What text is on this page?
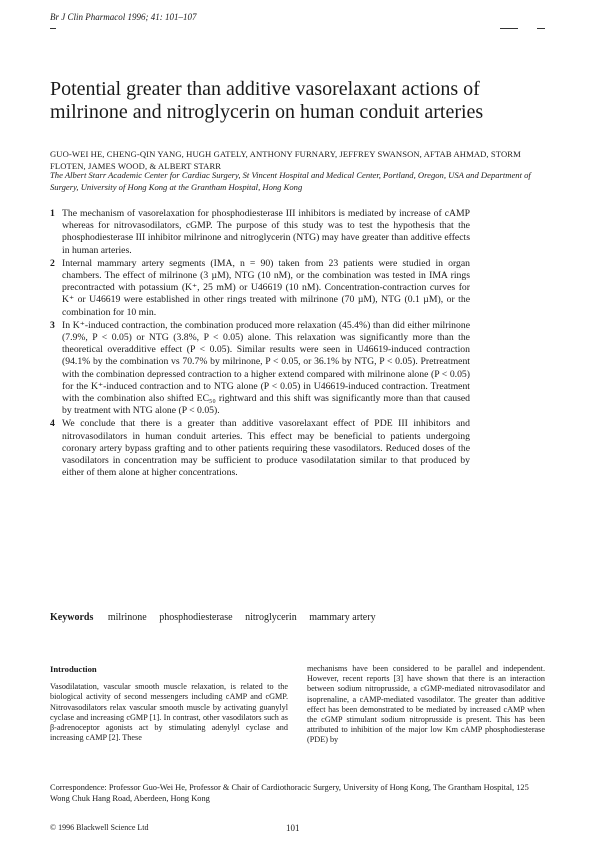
Br J Clin Pharmacol 1996; 41: 101–107
Potential greater than additive vasorelaxant actions of milrinone and nitroglycerin on human conduit arteries
GUO-WEI HE, CHENG-QIN YANG, HUGH GATELY, ANTHONY FURNARY, JEFFREY SWANSON, AFTAB AHMAD, STORM FLOTEN, JAMES WOOD, & ALBERT STARR
The Albert Starr Academic Center for Cardiac Surgery, St Vincent Hospital and Medical Center, Portland, Oregon, USA and Department of Surgery, University of Hong Kong at the Grantham Hospital, Hong Kong
1 The mechanism of vasorelaxation for phosphodiesterase III inhibitors is mediated by increase of cAMP whereas for nitrovasodilators, cGMP. The purpose of this study was to test the hypothesis that the phosphodiesterase III inhibitor milrinone and nitroglycerin (NTG) may have greater than additive effects in human arteries.
2 Internal mammary artery segments (IMA, n = 90) taken from 23 patients were studied in organ chambers. The effect of milrinone (3 µM), NTG (10 nM), or the combination was tested in IMA rings precontracted with potassium (K⁺, 25 mM) or U46619 (10 nM). Concentration-contraction curves for K⁺ or U46619 were established in other rings treated with milrinone (70 µM), NTG (0.1 µM), or the combination for 10 min.
3 In K⁺-induced contraction, the combination produced more relaxation (45.4%) than did either milrinone (7.9%, P < 0.05) or NTG (3.8%, P < 0.05) alone. This relaxation was significantly more than the theoretical overadditive effect (P < 0.05). Similar results were seen in U46619-induced contraction (94.1% by the combination vs 70.7% by milrinone, P < 0.05, or 36.1% by NTG, P < 0.05). Pretreatment with the combination depressed contraction to a higher extend compared with milrinone alone (P < 0.05) for the K⁺-induced contraction and to NTG alone (P < 0.05) in U46619-induced contraction. Treatment with the combination also shifted EC₅₀ rightward and this shift was significantly more than that caused by treatment with NTG alone (P < 0.05).
4 We conclude that there is a greater than additive vasorelaxant effect of PDE III inhibitors and nitrovasodilators in human conduit arteries. This effect may be beneficial to patients undergoing coronary artery bypass grafting and to other patients requiring these vasodilators. Reduced doses of the vasodilators in concentration may be sufficient to produce vasodilatation similar to that produced by either of them alone at higher concentrations.
Keywords milrinone phosphodiesterase nitroglycerin mammary artery
Introduction

Vasodilatation, vascular smooth muscle relaxation, is related to the biological activity of second messengers including cAMP and cGMP. Nitrovasodilators relax vascular smooth muscle by activating guanylyl cyclase and increasing cGMP [1]. In contrast, other vasodilators such as β-adrenoceptor agonists act by stimulating adenylyl cyclase and increasing cAMP [2]. These

mechanisms have been considered to be parallel and independent. However, recent reports [3] have shown that there is an interaction between sodium nitroprusside, a cGMP-mediated nitrovasodilator and isoprenaline, a cAMP-mediated vasodilator. The greater than additive effect has been demonstrated to be mediated by increased cAMP when the cGMP stimulant sodium nitroprusside is present. This has been attributed to inhibition of the major low Km cAMP phosphodiesterase (PDE) by

Correspondence: Professor Guo-Wei He, Professor & Chair of Cardiothoracic Surgery, University of Hong Kong, The Grantham Hospital, 125 Wong Chuk Hang Road, Aberdeen, Hong Kong
© 1996 Blackwell Science Ltd	101
